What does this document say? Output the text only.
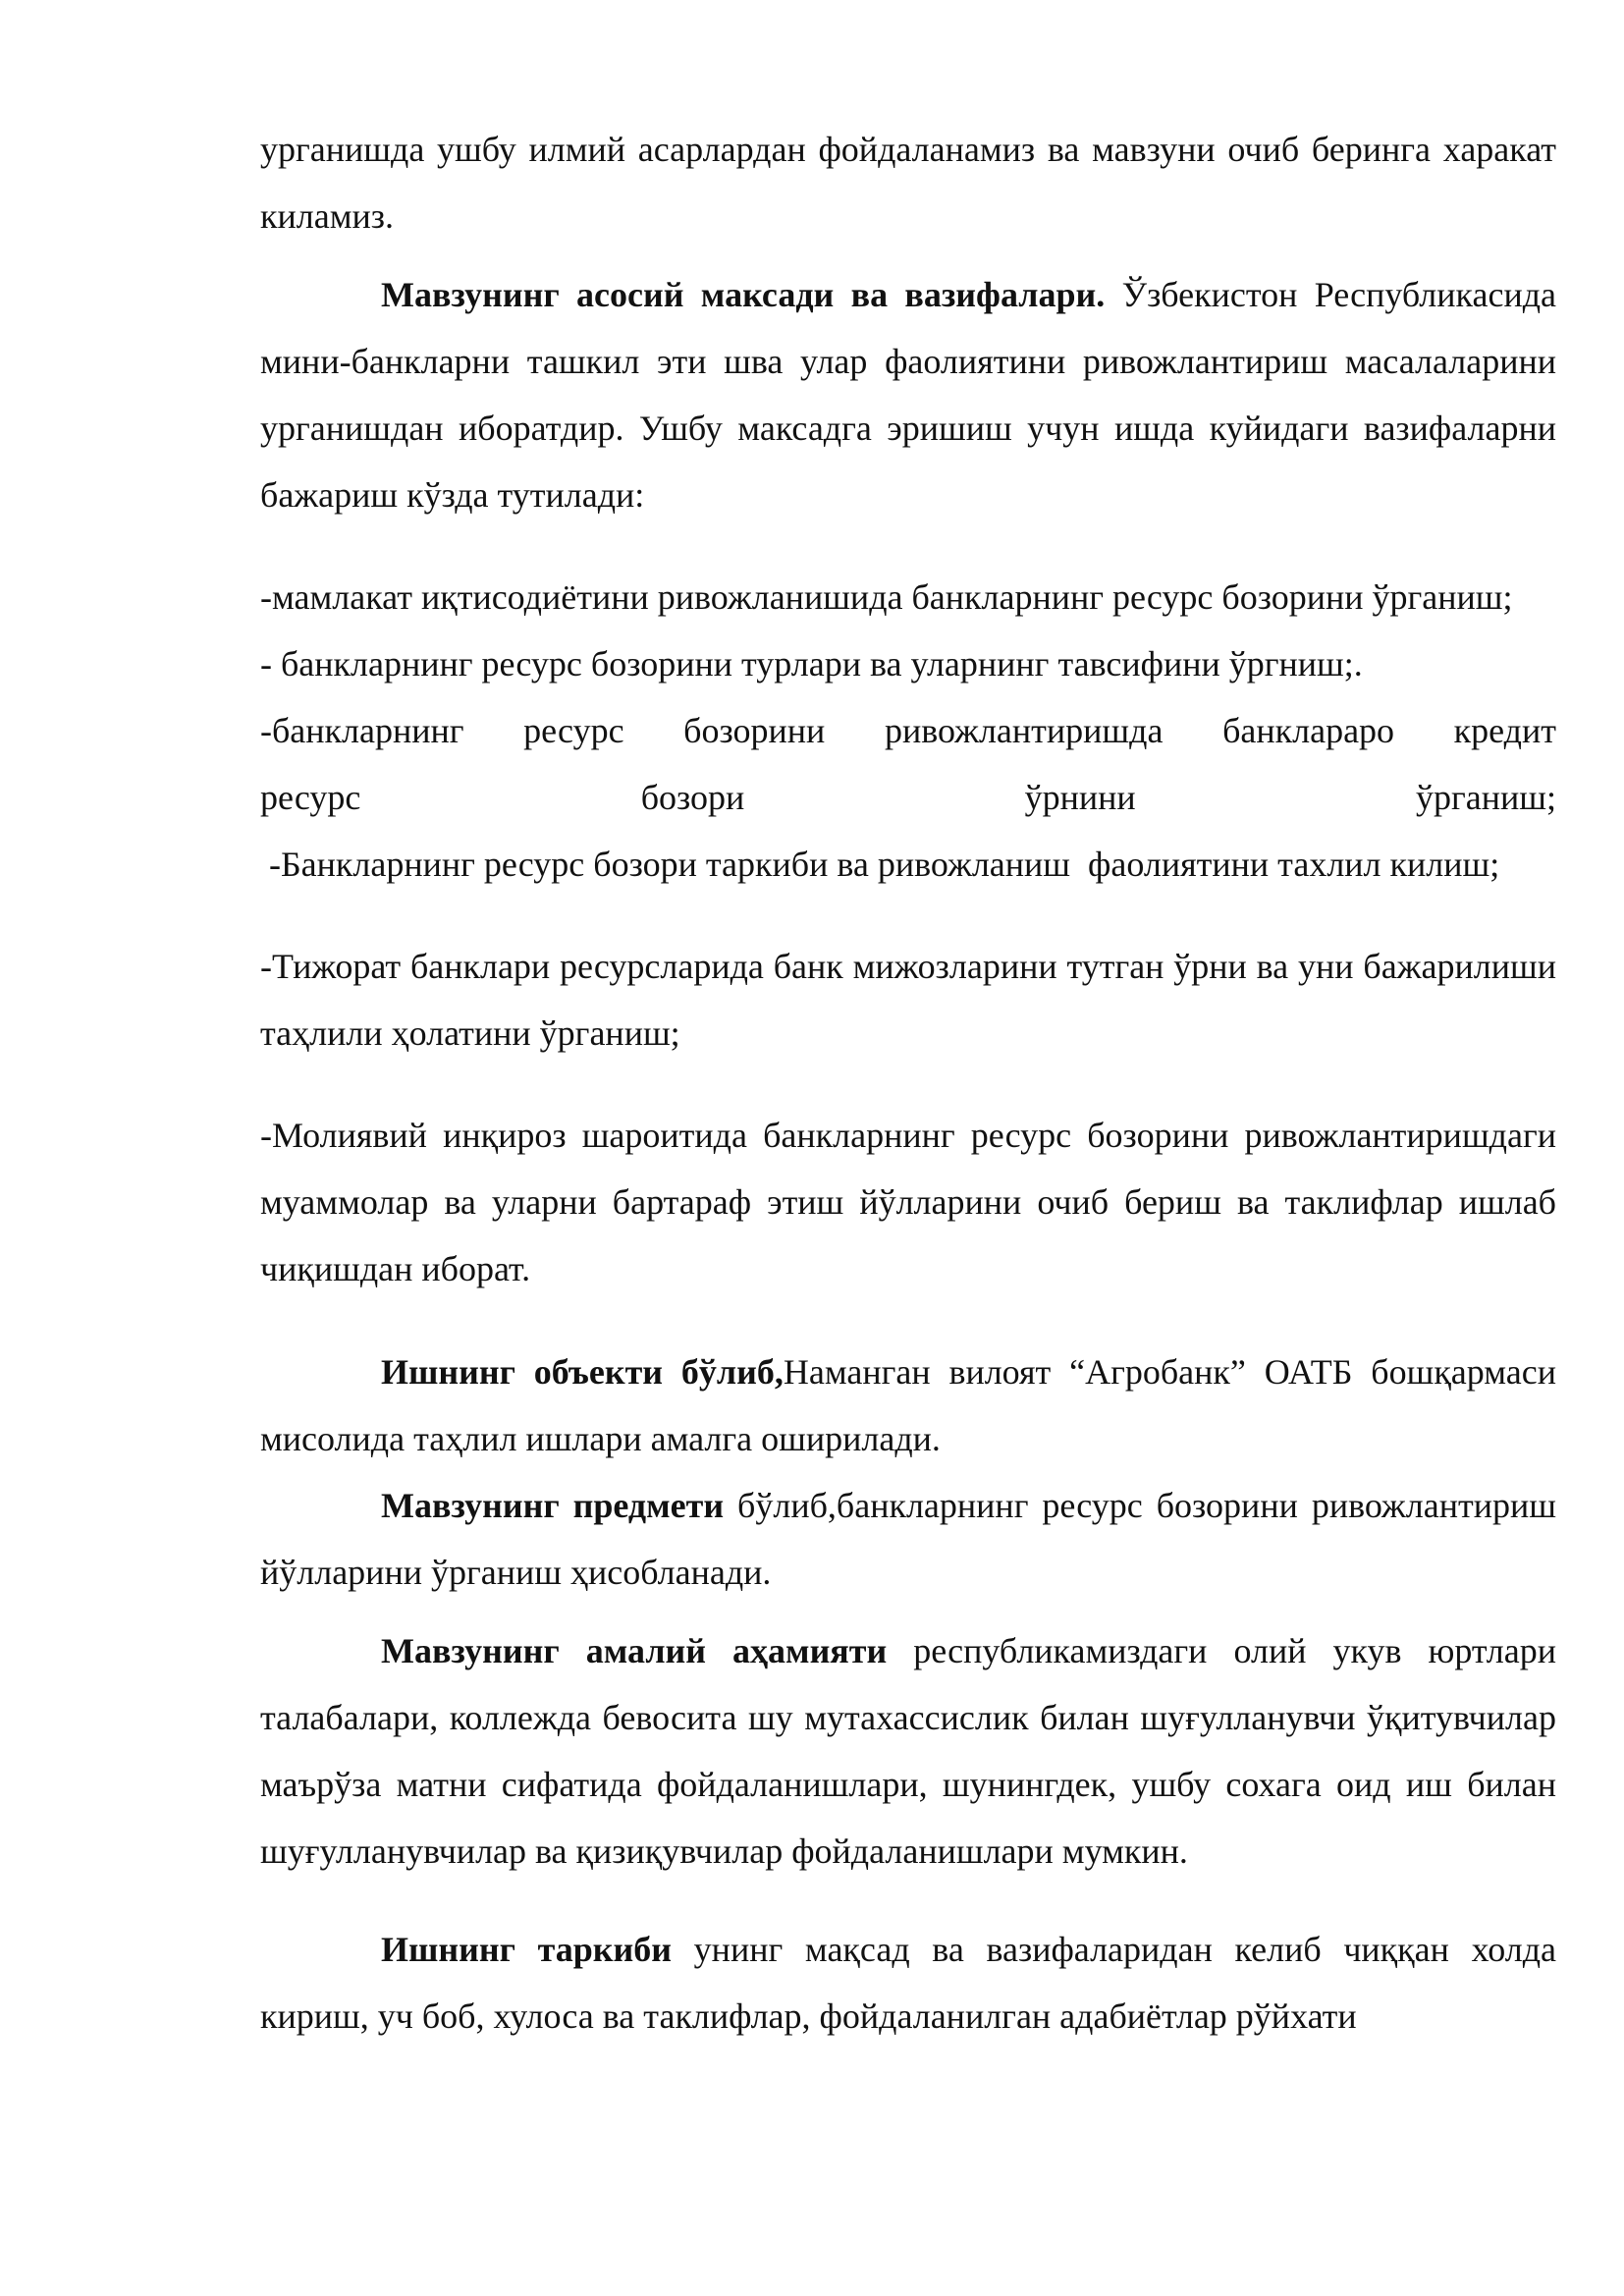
урганишда ушбу илмий асарлардан фойдаланамиз ва мавзуни очиб берингa харакат киламиз.

Мавзунинг асосий максади ва вазифалари. Ўзбекистон Республикасида мини-банкларни ташкил эти шва улар фаолиятини ривожлантириш масалаларини урганишдан иборатдир. Ушбу максадга эришиш учун ишда куйидаги вазифаларни бажариш кўзда тутилади:

-мамлакат иқтисодиётини ривожланишида банкларнинг ресурс бозорини ўрганиш;

- банкларнинг ресурс бозорини турлари ва уларнинг тавсифини ўргниш;.

-банкларнинг ресурс бозорини ривожлантиришда банклараро кредит

ресурс	бозори	ўрнини	ўрганиш;

-Банкларнинг ресурс бозори таркиби ва ривожланиш  фаолиятини тахлил килиш;

-Тижорат банклари ресурсларида банк мижозларини тутган ўрни ва уни бажарилиши таҳлили ҳолатини ўрганиш;

-Молиявий инқироз шароитида банкларнинг ресурс бозорини ривожлантиришдаги муаммолар ва уларни бартараф этиш йўлларини очиб бериш ва таклифлар ишлаб чиқишдан иборат.

Ишнинг объекти бўлиб,Наманган вилоят “Агробанк” ОАТБ бошқармаси мисолида таҳлил ишлари амалга оширилади.

Мавзунинг предмети бўлиб,банкларнинг ресурс бозорини ривожлантириш йўлларини ўрганиш ҳисобланади.

Мавзунинг амалий аҳамияти республикамиздаги олий укув юртлари талабалари, коллежда бевосита шу мутахассислик билан шуғулланувчи ўқитувчилар маърўза матни сифатида фойдаланишлари, шунингдек, ушбу сохага оид иш билан шуғулланувчилар ва қизиқувчилар фойдаланишлари мумкин.

Ишнинг таркиби унинг мақсад ва вазифаларидан келиб чиққан холда кириш, уч боб, хулоса ва таклифлар, фойдаланилган адабиётлар рўйхати
